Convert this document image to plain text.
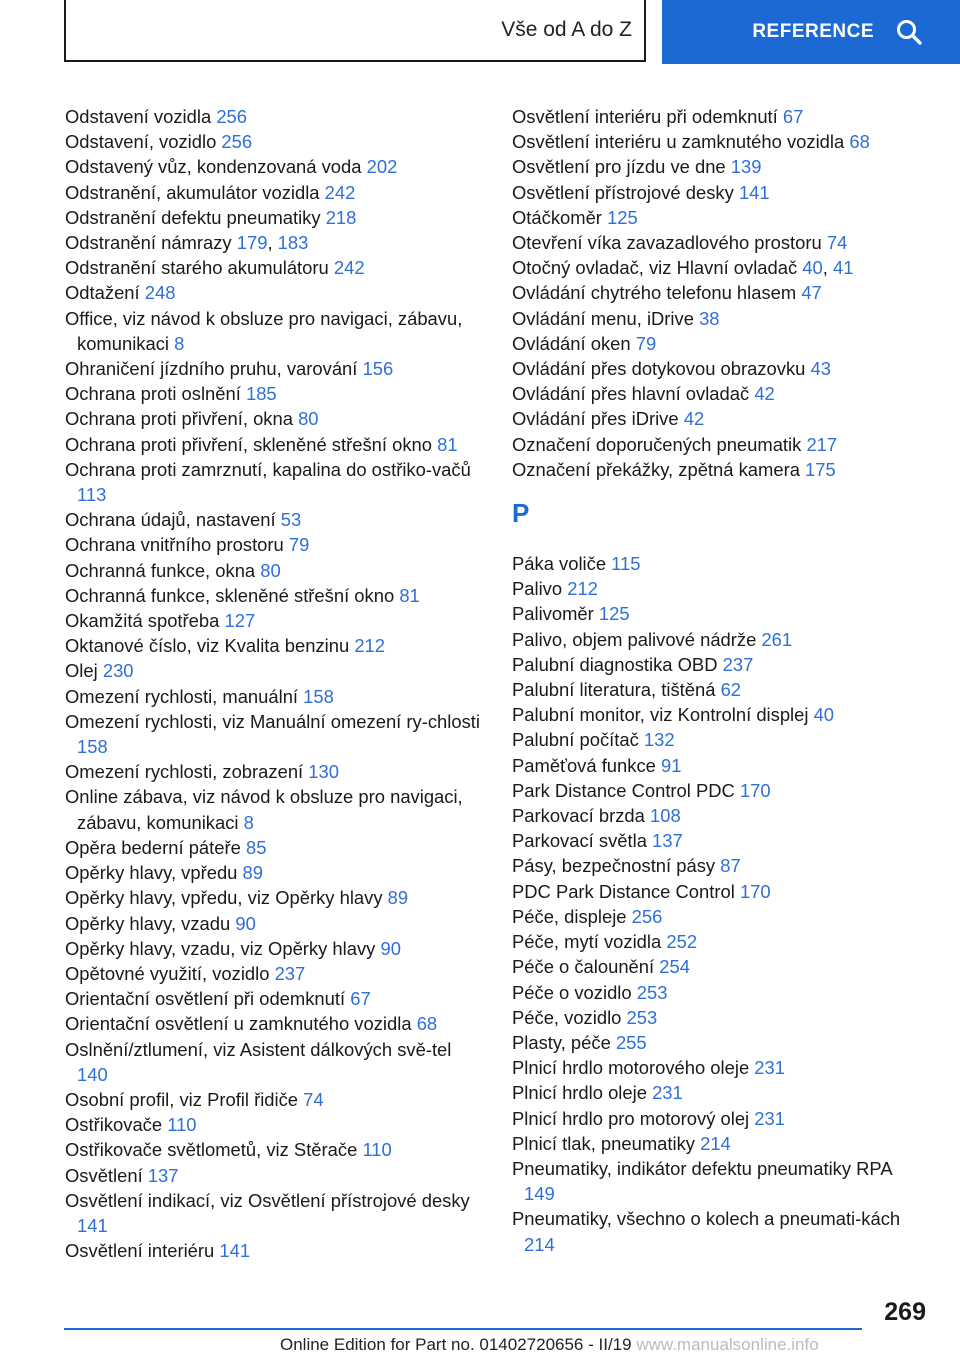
Vše od A do Z	REFERENCE
Odstavení vozidla 256
Odstavení, vozidlo 256
Odstavený vůz, kondenzovaná voda 202
Odstranění, akumulátor vozidla 242
Odstranění defektu pneumatiky 218
Odstranění námrazy 179, 183
Odstranění starého akumulátoru 242
Odtažení 248
Office, viz návod k obsluze pro navigaci, zábavu, komunikaci 8
Ohraničení jízdního pruhu, varování 156
Ochrana proti oslnění 185
Ochrana proti přivření, okna 80
Ochrana proti přivření, skleněné střešní okno 81
Ochrana proti zamrznutí, kapalina do ostřiko‐vačů 113
Ochrana údajů, nastavení 53
Ochrana vnitřního prostoru 79
Ochranná funkce, okna 80
Ochranná funkce, skleněné střešní okno 81
Okamžitá spotřeba 127
Oktanové číslo, viz Kvalita benzinu 212
Olej 230
Omezení rychlosti, manuální 158
Omezení rychlosti, viz Manuální omezení ry‐chlosti 158
Omezení rychlosti, zobrazení 130
Online zábava, viz návod k obsluze pro navigaci, zábavu, komunikaci 8
Opěra bederní páteře 85
Opěrky hlavy, vpředu 89
Opěrky hlavy, vpředu, viz Opěrky hlavy 89
Opěrky hlavy, vzadu 90
Opěrky hlavy, vzadu, viz Opěrky hlavy 90
Opětovné využití, vozidlo 237
Orientační osvětlení při odemknutí 67
Orientační osvětlení u zamknutého vozidla 68
Oslnění/ztlumení, viz Asistent dálkových svě‐tel 140
Osobní profil, viz Profil řidiče 74
Ostřikovače 110
Ostřikovače světlometů, viz Stěrače 110
Osvětlení 137
Osvětlení indikací, viz Osvětlení přístrojové desky 141
Osvětlení interiéru 141
Osvětlení interiéru při odemknutí 67
Osvětlení interiéru u zamknutého vozidla 68
Osvětlení pro jízdu ve dne 139
Osvětlení přístrojové desky 141
Otáčkoměr 125
Otevření víka zavazadlového prostoru 74
Otočný ovladač, viz Hlavní ovladač 40, 41
Ovládání chytrého telefonu hlasem 47
Ovládání menu, iDrive 38
Ovládání oken 79
Ovládání přes dotykovou obrazovku 43
Ovládání přes hlavní ovladač 42
Ovládání přes iDrive 42
Označení doporučených pneumatik 217
Označení překážky, zpětná kamera 175
P
Páka voliče 115
Palivo 212
Palivoměr 125
Palivo, objem palivové nádrže 261
Palubní diagnostika OBD 237
Palubní literatura, tištěná 62
Palubní monitor, viz Kontrolní displej 40
Palubní počítač 132
Paměťová funkce 91
Park Distance Control PDC 170
Parkovací brzda 108
Parkovací světla 137
Pásy, bezpečnostní pásy 87
PDC Park Distance Control 170
Péče, displeje 256
Péče, mytí vozidla 252
Péče o čalounění 254
Péče o vozidlo 253
Péče, vozidlo 253
Plasty, péče 255
Plnicí hrdlo motorového oleje 231
Plnicí hrdlo oleje 231
Plnicí hrdlo pro motorový olej 231
Plnicí tlak, pneumatiky 214
Pneumatiky, indikátor defektu pneumatiky RPA 149
Pneumatiky, všechno o kolech a pneumati‐kách 214
269
Online Edition for Part no. 01402720656 - II/19 www.manualsonline.info
